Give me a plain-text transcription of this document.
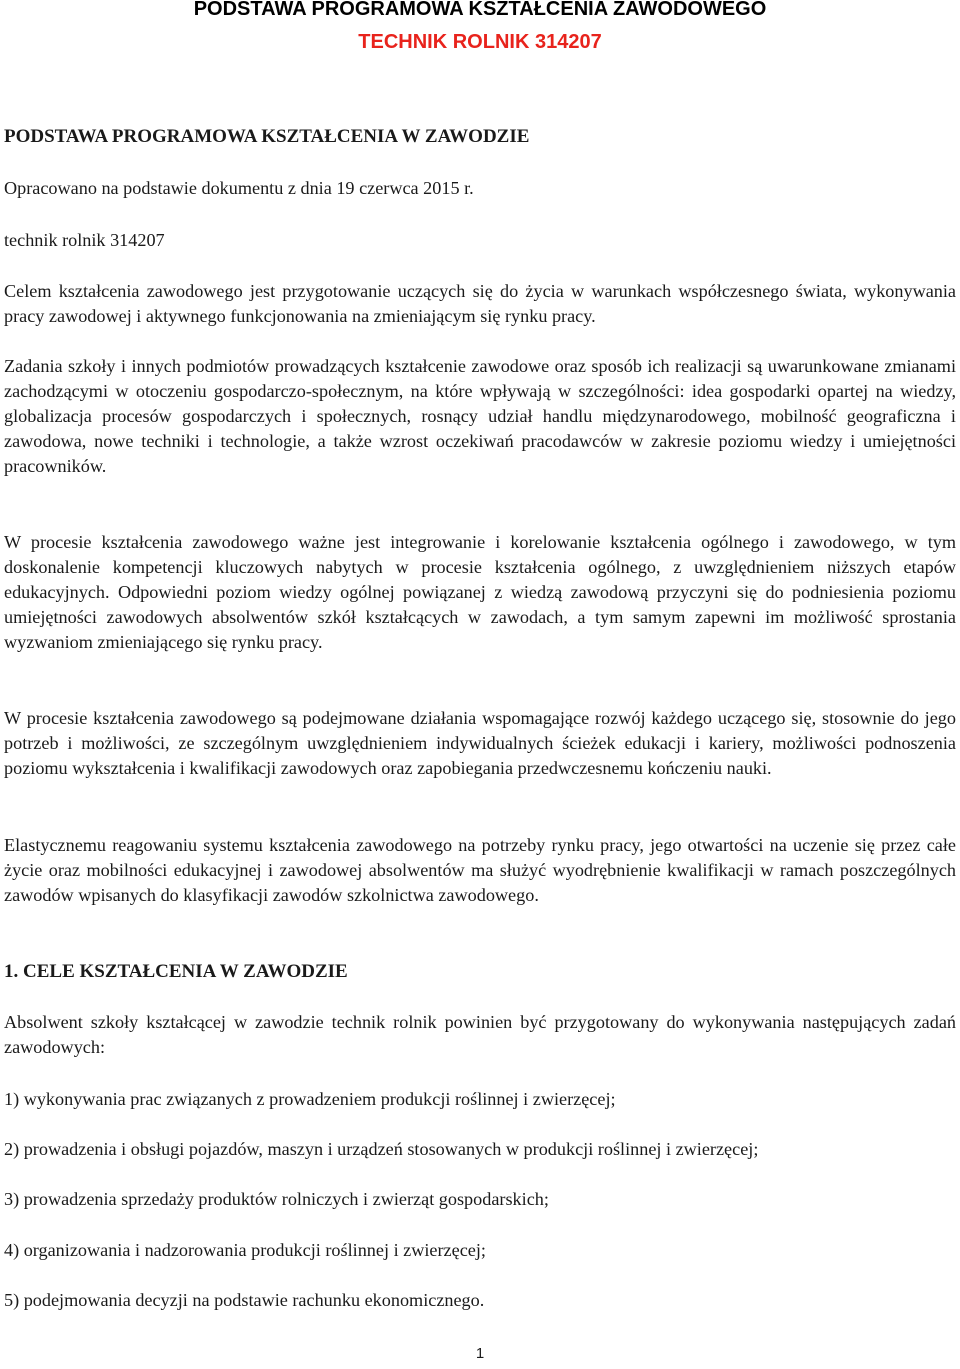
PODSTAWA PROGRAMOWA KSZTAŁCENIA ZAWODOWEGO
TECHNIK ROLNIK 314207
PODSTAWA PROGRAMOWA KSZTAŁCENIA W ZAWODZIE

Opracowano na podstawie dokumentu z dnia 19 czerwca 2015 r.

technik rolnik 314207

Celem kształcenia zawodowego jest przygotowanie uczących się do życia w warunkach współczesnego świata, wykonywania pracy zawodowej i aktywnego funkcjonowania na zmieniającym się rynku pracy.

Zadania szkoły i innych podmiotów prowadzących kształcenie zawodowe oraz sposób ich realizacji są uwarunkowane zmianami zachodzącymi w otoczeniu gospodarczo-społecznym, na które wpływają w szczególności: idea gospodarki opartej na wiedzy, globalizacja procesów gospodarczych i społecznych, rosnący udział handlu międzynarodowego, mobilność geograficzna i zawodowa, nowe techniki i technologie, a także wzrost oczekiwań pracodawców w zakresie poziomu wiedzy i umiejętności pracowników.

W procesie kształcenia zawodowego ważne jest integrowanie i korelowanie kształcenia ogólnego i zawodowego, w tym doskonalenie kompetencji kluczowych nabytych w procesie kształcenia ogólnego, z uwzględnieniem niższych etapów edukacyjnych. Odpowiedni poziom wiedzy ogólnej powiązanej z wiedzą zawodową przyczyni się do podniesienia poziomu umiejętności zawodowych absolwentów szkół kształcących w zawodach, a tym samym zapewni im możliwość sprostania wyzwaniom zmieniającego się rynku pracy.

W procesie kształcenia zawodowego są podejmowane działania wspomagające rozwój każdego uczącego się, stosownie do jego potrzeb i możliwości, ze szczególnym uwzględnieniem indywidualnych ścieżek edukacji i kariery, możliwości podnoszenia poziomu wykształcenia i kwalifikacji zawodowych oraz zapobiegania przedwczesnemu kończeniu nauki.

Elastycznemu reagowaniu systemu kształcenia zawodowego na potrzeby rynku pracy, jego otwartości na uczenie się przez całe życie oraz mobilności edukacyjnej i zawodowej absolwentów ma służyć wyodrębnienie kwalifikacji w ramach poszczególnych zawodów wpisanych do klasyfikacji zawodów szkolnictwa zawodowego.

1. CELE KSZTAŁCENIA W ZAWODZIE

Absolwent szkoły kształcącej w zawodzie technik rolnik powinien być przygotowany do wykonywania następujących zadań zawodowych:

1) wykonywania prac związanych z prowadzeniem produkcji roślinnej i zwierzęcej;
2) prowadzenia i obsługi pojazdów, maszyn i urządzeń stosowanych w produkcji roślinnej i zwierzęcej;
3) prowadzenia sprzedaży produktów rolniczych i zwierząt gospodarskich;
4) organizowania i nadzorowania produkcji roślinnej i zwierzęcej;
5) podejmowania decyzji na podstawie rachunku ekonomicznego.
1
